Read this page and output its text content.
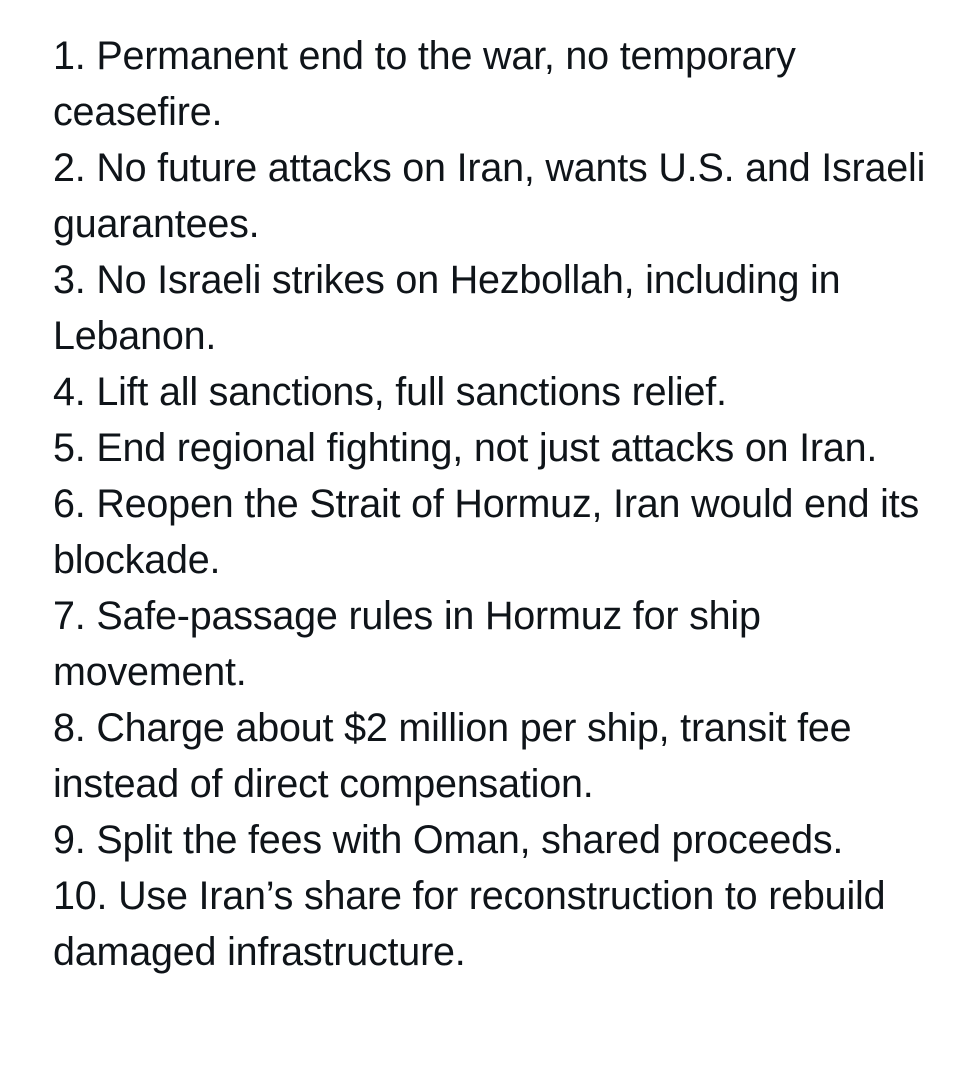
1. Permanent end to the war, no temporary ceasefire.

2. No future attacks on Iran, wants U.S. and Israeli guarantees.

3. No Israeli strikes on Hezbollah, including in Lebanon.

4. Lift all sanctions, full sanctions relief.

5. End regional fighting, not just attacks on Iran.

6. Reopen the Strait of Hormuz, Iran would end its blockade.

7. Safe-passage rules in Hormuz for ship movement.

8. Charge about $2 million per ship, transit fee instead of direct compensation.

9. Split the fees with Oman, shared proceeds.

10. Use Iran’s share for reconstruction to rebuild damaged infrastructure.
